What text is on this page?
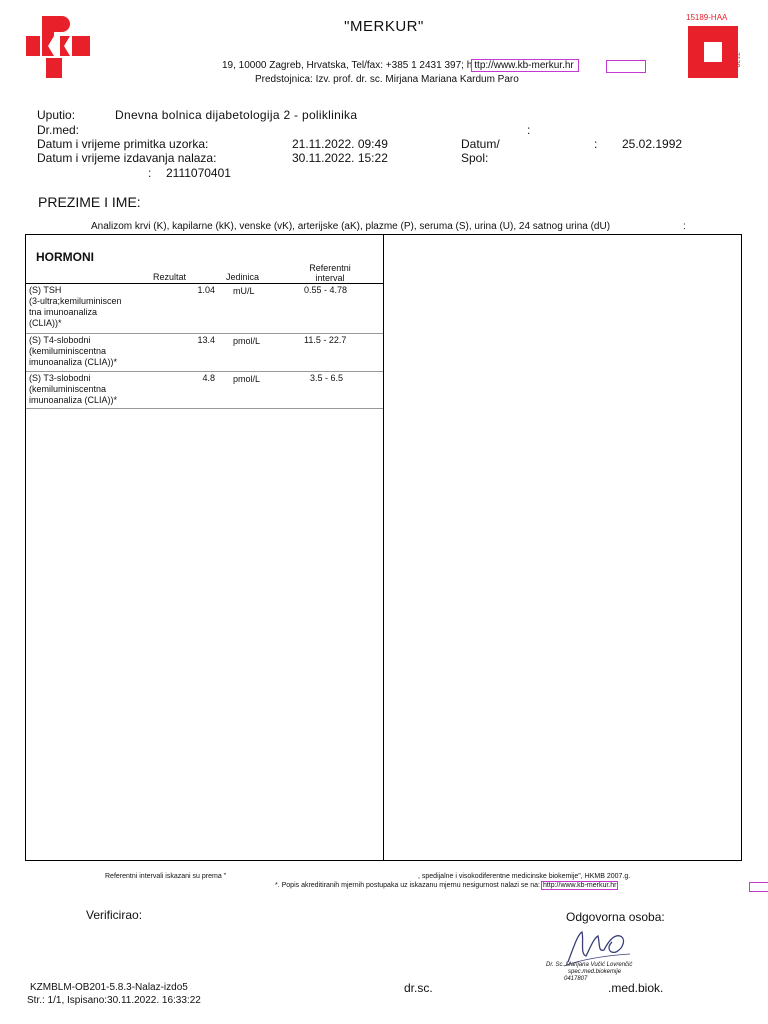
15189-HAA
7130
"MERKUR"
19, 10000 Zagreb, Hrvatska, Tel/fax: +385 1 2431 397; h ttp://www.kb-merkur.hr
Predstojnica: Izv. prof. dr. sc. Mirjana Mariana Kardum Paro
Uputio:	Dnevna bolnica dijabetologija 2 - poliklinika
Dr.med:	:
Datum i vrijeme primitka uzorka:	21.11.2022. 09:49	Datum/	: 25.02.1992
Datum i vrijeme izdavanja nalaza:	30.11.2022. 15:22	Spol:
: 2111070401
PREZIME I IME:
Analizom krvi (K), kapilarne (kK), venske (vK), arterijske (aK), plazme (P), seruma (S), urina (U), 24 satnog urina (dU)	:
HORMONI
Rezultat	Jedinica
Referentni
interval
(S) TSH
(3-ultra;kemiluminiscen
tna imunoanaliza
(CLIA))*
1.04 mU/L	0.55 - 4.78
(S) T4-slobodni
(kemiluminiscentna
imunoanaliza (CLIA))*
13.4 pmol/L	11.5 - 22.7
(S) T3-slobodni
(kemiluminiscentna
imunoanaliza (CLIA))*
4.8 pmol/L	3.5 - 6.5
Referentni intervali iskazani su prema "	, spedijalne i visokodiferentne medicinske biokemije", HKMB 2007.g.
*. Popis akreditiranih mjernih postupaka uz iskazanu mjernu nesigurnost nalazi se na: http://www.kb-merkur.hr
Verificirao:	Odgovorna osoba:
Dr. Sc. Marijana Vučić Lovrenčić
spec.med.biokemije
0417807
KZMBLM-OB201-5.8.3-Nalaz-izdo5
Str.: 1/1, Ispisano:30.11.2022. 16:33:22
dr.sc.	.med.biok.
